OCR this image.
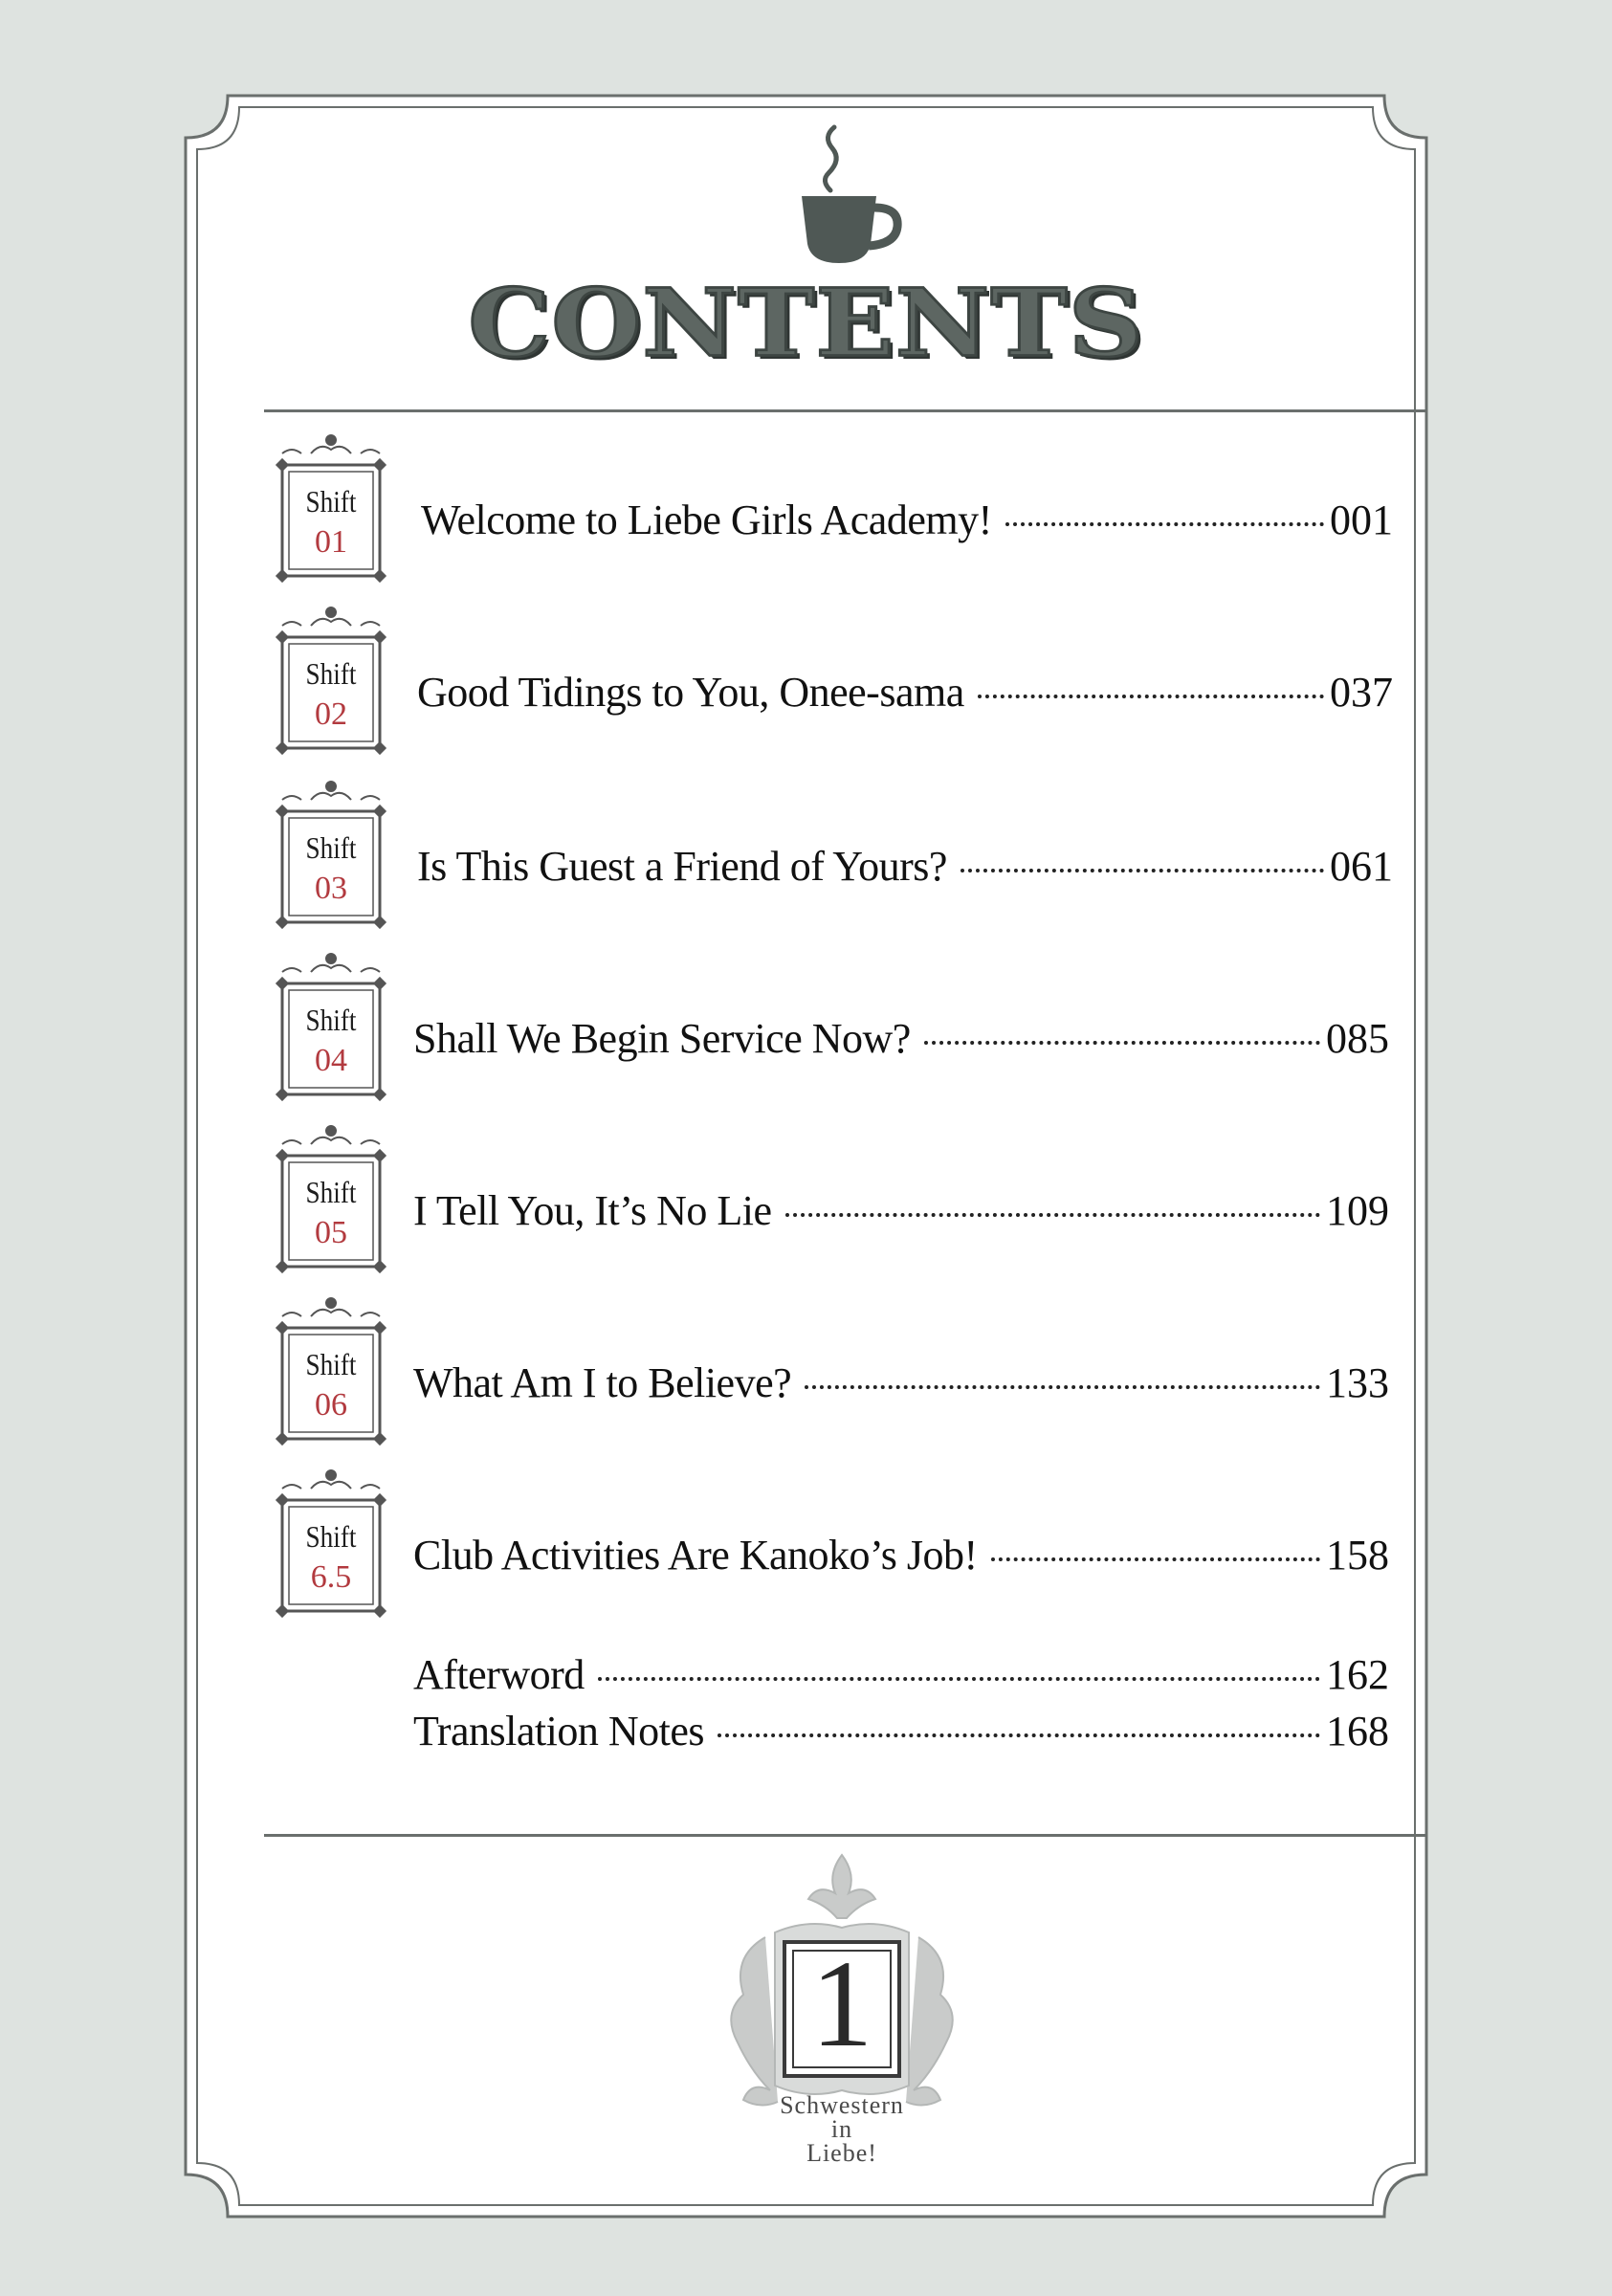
CONTENTS
Shift
01	Welcome to Liebe Girls Academy!	001
Shift
02	Good Tidings to You, Onee-sama	037
Shift
03	Is This Guest a Friend of Yours?	061
Shift
04	Shall We Begin Service Now?	085
Shift
05	I Tell You, It’s No Lie	109
Shift
06	What Am I to Believe?	133
Shift
6.5	Club Activities Are Kanoko’s Job!	158
Afterword	162
Translation Notes	168
1
Schwestern
in
Liebe!
